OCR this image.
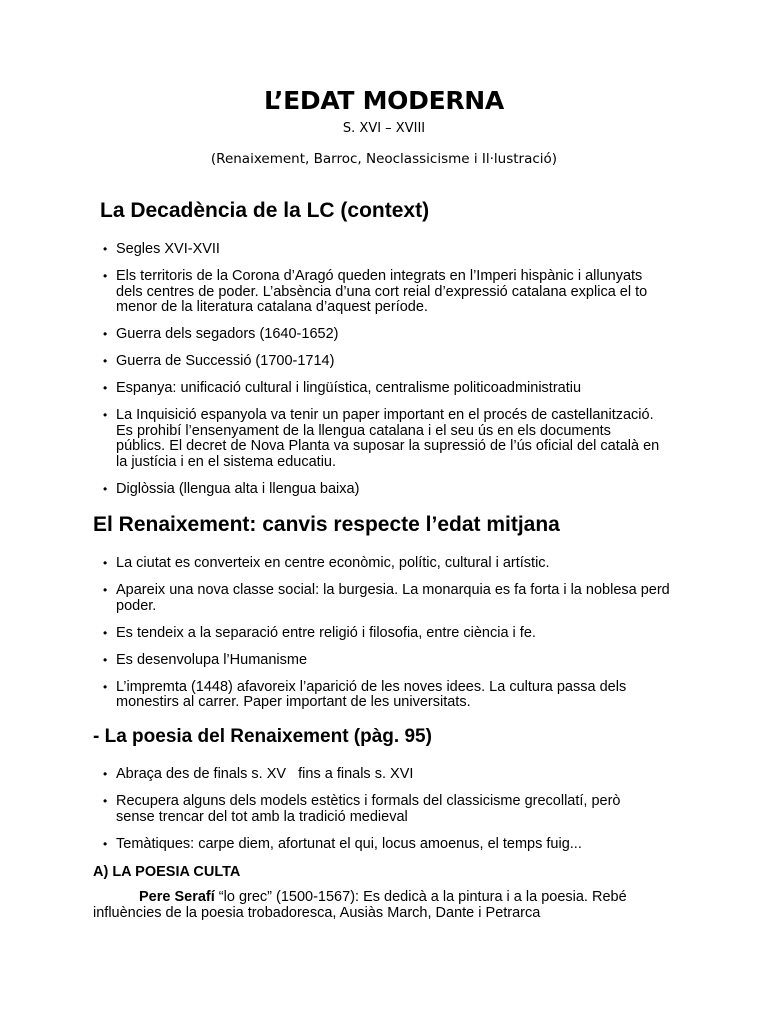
L’EDAT MODERNA
S. XVI – XVIII
(Renaixement, Barroc, Neoclassicisme i Il·lustració)
La Decadència de la LC (context)
• Segles XVI-XVII
• Els territoris de la Corona d’Aragó queden integrats en l’Imperi hispànic i allunyats dels centres de poder. L’absència d’una cort reial d’expressió catalana explica el to menor de la literatura catalana d’aquest període.
• Guerra dels segadors (1640-1652)
• Guerra de Successió (1700-1714)
• Espanya: unificació cultural i lingüística, centralisme politicoadministratiu
• La Inquisició espanyola va tenir un paper important en el procés de castellanització. Es prohibí l’ensenyament de la llengua catalana i el seu ús en els documents públics. El decret de Nova Planta va suposar la supressió de l’ús oficial del català en la justícia i en el sistema educatiu.
• Diglòssia (llengua alta i llengua baixa)
El Renaixement: canvis respecte l’edat mitjana
• La ciutat es converteix en centre econòmic, polític, cultural i artístic.
• Apareix una nova classe social: la burgesia. La monarquia es fa forta i la noblesa perd poder.
• Es tendeix a la separació entre religió i filosofia, entre ciència i fe.
• Es desenvolupa l’Humanisme
• L’impremta (1448) afavoreix l’aparició de les noves idees. La cultura passa dels monestirs al carrer. Paper important de les universitats.
- La poesia del Renaixement (pàg. 95)
• Abraça des de finals s. XV   fins a finals s. XVI
• Recupera alguns dels models estètics i formals del classicisme grecollatí, però sense trencar del tot amb la tradició medieval
• Temàtiques: carpe diem, afortunat el qui, locus amoenus, el temps fuig...
A) LA POESIA CULTA
Pere Serafí “lo grec” (1500-1567): Es dedicà a la pintura i a la poesia. Rebé influències de la poesia trobadoresca, Ausiàs March, Dante i Petrarca
